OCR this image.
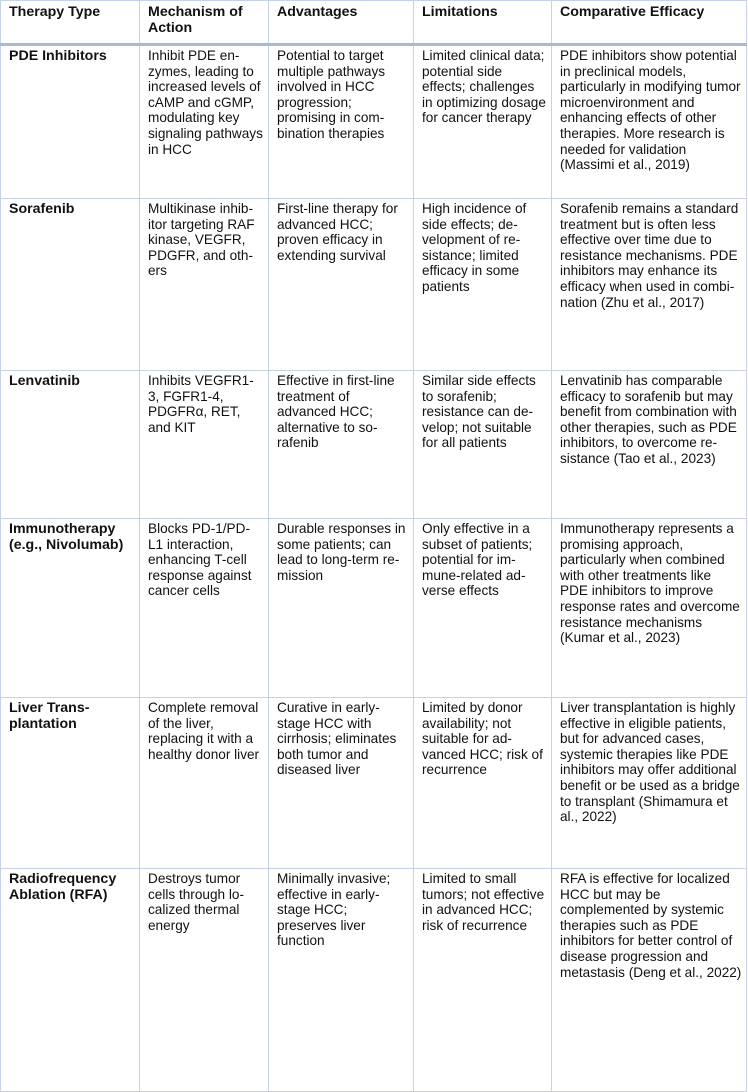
Therapy Type	Mechanism of Action	Advantages	Limitations	Comparative Efficacy
PDE Inhibitors	Inhibit PDE enzymes, leading to increased levels of cAMP and cGMP, modulating key signaling pathways in HCC	Potential to target multiple pathways involved in HCC progression; promising in combination therapies	Limited clinical data; potential side effects; challenges in optimizing dosage for cancer therapy	PDE inhibitors show potential in preclinical models, particularly in modifying tumor microenvironment and enhancing effects of other therapies. More research is needed for validation (Massimi et al., 2019)
Sorafenib	Multikinase inhibitor targeting RAF kinase, VEGFR, PDGFR, and others	First-line therapy for advanced HCC; proven efficacy in extending survival	High incidence of side effects; development of resistance; limited efficacy in some patients	Sorafenib remains a standard treatment but is often less effective over time due to resistance mechanisms. PDE inhibitors may enhance its efficacy when used in combination (Zhu et al., 2017)
Lenvatinib	Inhibits VEGFR1-3, FGFR1-4, PDGFRα, RET, and KIT	Effective in first-line treatment of advanced HCC; alternative to sorafenib	Similar side effects to sorafenib; resistance can develop; not suitable for all patients	Lenvatinib has comparable efficacy to sorafenib but may benefit from combination with other therapies, such as PDE inhibitors, to overcome resistance (Tao et al., 2023)
Immunotherapy (e.g., Nivolumab)	Blocks PD-1/PD-L1 interaction, enhancing T-cell response against cancer cells	Durable responses in some patients; can lead to long-term remission	Only effective in a subset of patients; potential for immune-related adverse effects	Immunotherapy represents a promising approach, particularly when combined with other treatments like PDE inhibitors to improve response rates and overcome resistance mechanisms (Kumar et al., 2023)
Liver Transplantation	Complete removal of the liver, replacing it with a healthy donor liver	Curative in early-stage HCC with cirrhosis; eliminates both tumor and diseased liver	Limited by donor availability; not suitable for advanced HCC; risk of recurrence	Liver transplantation is highly effective in eligible patients, but for advanced cases, systemic therapies like PDE inhibitors may offer additional benefit or be used as a bridge to transplant (Shimamura et al., 2022)
Radiofrequency Ablation (RFA)	Destroys tumor cells through localized thermal energy	Minimally invasive; effective in early-stage HCC; preserves liver function	Limited to small tumors; not effective in advanced HCC; risk of recurrence	RFA is effective for localized HCC but may be complemented by systemic therapies such as PDE inhibitors for better control of disease progression and metastasis (Deng et al., 2022)
